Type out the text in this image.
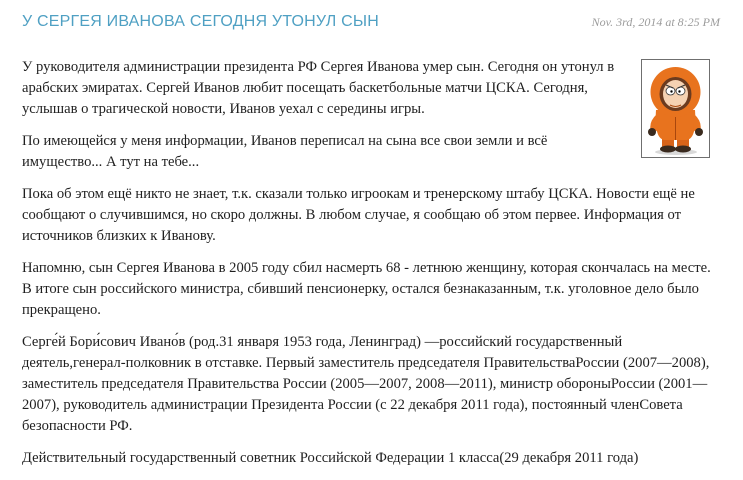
У СЕРГЕЯ ИВАНОВА СЕГОДНЯ УТОНУЛ СЫН	Nov. 3rd, 2014 at 8:25 PM

У руководителя администрации президента РФ Сергея Иванова умер сын. Сегодня он утонул в арабских эмиратах. Сергей Иванов любит посещать баскетбольные матчи ЦСКА. Сегодня, услышав о трагической новости, Иванов уехал с середины игры.

По имеющейся у меня информации, Иванов переписал на сына все свои земли и всё имущество... А тут на тебе...

Пока об этом ещё никто не знает, т.к. сказали только игроокам и тренерскому штабу ЦСКА. Новости ещё не сообщают о случившимся, но скоро должны. В любом случае, я сообщаю об этом первее. Информация от источников близких к Иванову.

Напомню, сын Сергея Иванова в 2005 году сбил насмерть 68 - летнюю женщину, которая скончалась на месте. В итоге сын российского министра, сбивший пенсионерку, остался безнаказанным, т.к. уголовное дело было прекращено.

Серге́й Бори́сович Ивано́в (род.31 января 1953 года, Ленинград) —российский государственный деятель,генерал-полковник в отставке. Первый заместитель председателя ПравительстваРоссии (2007—2008), заместитель председателя Правительства России (2005—2007, 2008—2011), министр обороныРоссии (2001—2007), руководитель администрации Президента России (с 22 декабря 2011 года), постоянный членСовета безопасности РФ.

Действительный государственный советник Российской Федерации 1 класса(29 декабря 2011 года)
